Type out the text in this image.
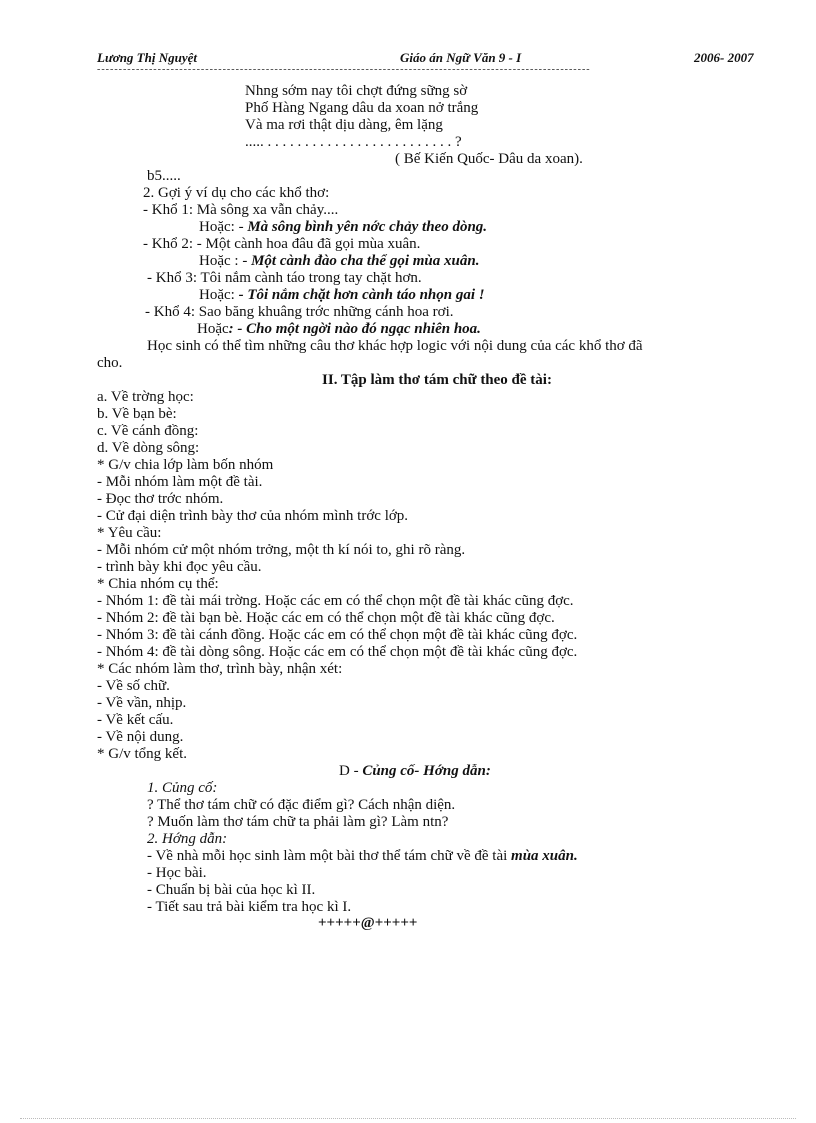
Lương Thị Nguyệt	Giáo án Ngữ Văn 9 - I	2006- 2007
------------------------------------------------------------------------------------------------------------------
Nhng sớm nay tôi chợt đứng sững sờ
Phố Hàng Ngang dâu da xoan nở trắng
Và ma rơi thật dịu dàng, êm lặng
..... . . . . . . . . . . . . . . . . . . . . . . . . . ?
( Bế Kiến Quốc- Dâu da xoan).
b5.....
2. Gợi ý ví dụ cho các khổ thơ:
- Khổ 1: Mà sông xa vẫn chảy....
Hoặc: - Mà sông bình yên nớc chảy theo dòng.
- Khổ 2: - Một cành hoa đâu đã gọi mùa xuân.
Hoặc : - Một cành đào cha thể gọi mùa xuân.
- Khổ 3: Tôi nắm cành táo trong tay chặt hơn.
Hoặc: - Tôi nắm chặt hơn cành táo nhọn gai !
- Khổ 4: Sao băng khuâng trớc những cánh hoa rơi.
Hoặc: - Cho một ngời nào đó ngạc nhiên hoa.
Học sinh có thể tìm những câu thơ khác hợp logic với nội dung của các khổ thơ đã
cho.
II. Tập làm thơ tám chữ theo đề tài:
a. Về trờng học:
b. Về bạn bè:
c. Về cánh đồng:
d. Về dòng sông:
* G/v chia lớp làm bốn nhóm
- Mỗi nhóm làm một đề tài.
- Đọc thơ trớc nhóm.
- Cử đại diện trình bày thơ của nhóm mình trớc lớp.
* Yêu cầu:
- Mỗi nhóm cử một nhóm trởng, một th kí nói to, ghi rõ ràng.
- trình bày khi đọc yêu cầu.
* Chia nhóm cụ thể:
- Nhóm 1: đề tài mái trờng. Hoặc các em có thể chọn một đề tài khác cũng đợc.
- Nhóm 2: đề tài bạn bè. Hoặc các em có thể chọn một đề tài khác cũng đợc.
- Nhóm 3: đề tài cánh đồng. Hoặc các em có thể chọn một đề tài khác cũng đợc.
- Nhóm 4: đề tài dòng sông. Hoặc các em có thể chọn một đề tài khác cũng đợc.
* Các nhóm làm thơ, trình bày, nhận xét:
- Về số chữ.
- Về vần, nhịp.
- Về kết cấu.
- Về nội dung.
* G/v tổng kết.
D - Củng cố- Hớng dẫn:
1. Củng cố:
? Thể thơ tám chữ có đặc điểm gì? Cách nhận diện.
? Muốn làm thơ tám chữ ta phải làm gì? Làm ntn?
2. Hớng dẫn:
- Về nhà mỗi học sinh làm một bài thơ thể tám chữ về đề tài mùa xuân.
- Học bài.
- Chuẩn bị bài của học kì II.
- Tiết sau trả bài kiểm tra học kì I.
+++++@+++++
